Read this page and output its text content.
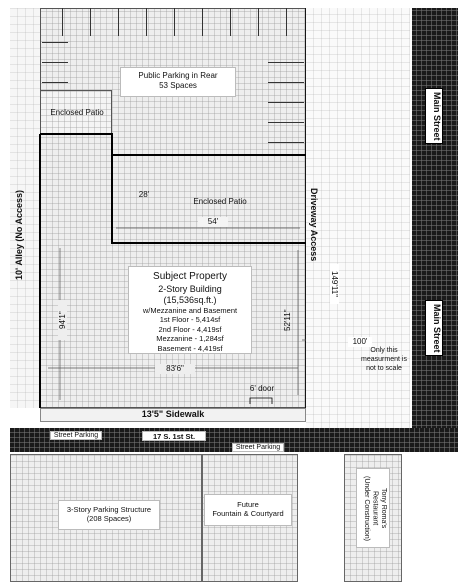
10' Alley (No Access)
Public Parking in Rear
53 Spaces
Enclosed Patio
Enclosed Patio
28'
54'
Subject Property
2-Story Building
(15,536sq.ft.)
w/Mezzanine and Basement
1st Floor - 5,414sf
2nd Floor - 4,419sf
Mezzanine - 1,284sf
Basement - 4,419sf
94'1"	52'11"
83'6"
6' door
13'5" Sidewalk
Driveway Access
149'11"
100'
Only this
measurment is
not to scale
Main Street
Main Street
Street Parking	17 S. 1st St.
Street Parking
3-Story Parking Structure
(208 Spaces)
Future
Fountain & Courtyard
Tony Roma's
Restaurant
(Under Construction)
